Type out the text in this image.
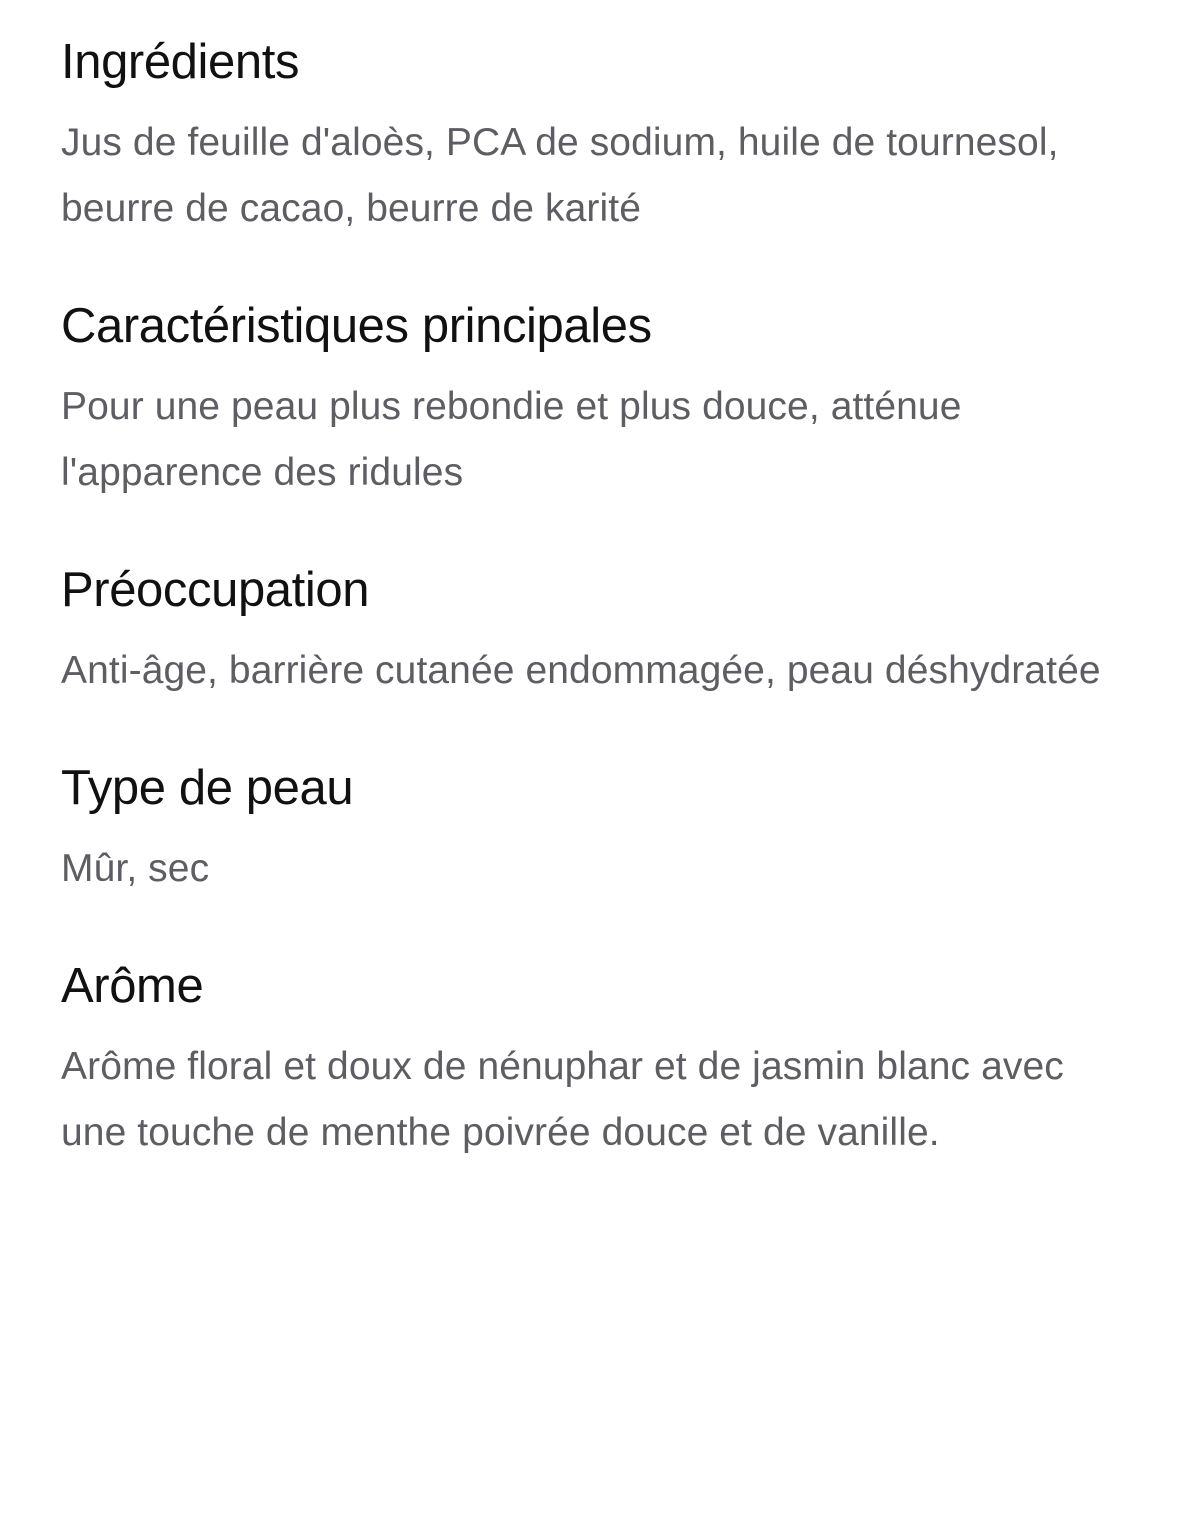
Ingrédients

Jus de feuille d'aloès, PCA de sodium, huile de tournesol, beurre de cacao, beurre de karité

Caractéristiques principales

Pour une peau plus rebondie et plus douce, atténue l'apparence des ridules

Préoccupation

Anti-âge, barrière cutanée endommagée, peau déshydratée

Type de peau

Mûr, sec

Arôme

Arôme floral et doux de nénuphar et de jasmin blanc avec une touche de menthe poivrée douce et de vanille.
